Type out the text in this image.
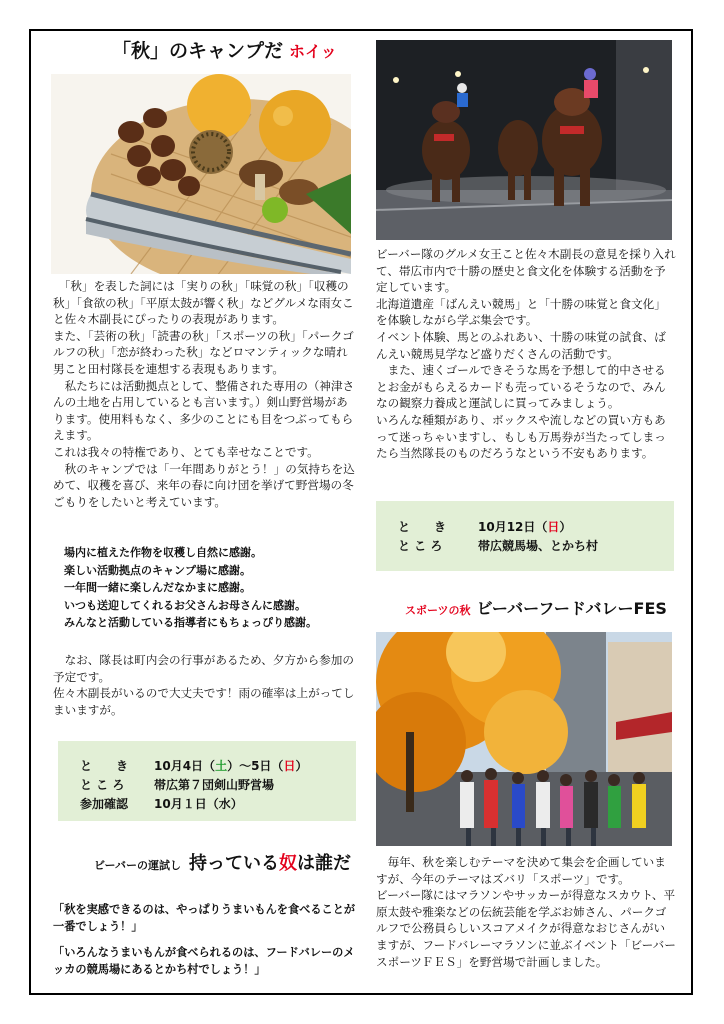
「秋」のキャンプだ ホイッ
　「秋」を表した詞には「実りの秋」「味覚の秋」「収穫の秋」「食欲の秋」「平原太鼓が響く秋」などグルメな雨女こと佐々木副長にぴったりの表現があります。
また、「芸術の秋」「読書の秋」「スポーツの秋」「パークゴルフの秋」「恋が終わった秋」などロマンティックな晴れ男こと田村隊長を連想する表現もあります。
　私たちには活動拠点として、整備された専用の（神津さんの土地を占用しているとも言います。）剣山野営場があります。使用料もなく、多少のことにも目をつぶってもらえます。
これは我々の特権であり、とても幸せなことです。
　秋のキャンプでは「一年間ありがとう！」の気持ちを込めて、収穫を喜び、来年の春に向け団を挙げて野営場の冬ごもりをしたいと考えています。
場内に植えた作物を収穫し自然に感謝。
楽しい活動拠点のキャンプ場に感謝。
一年間一緒に楽しんだなかまに感謝。
いつも送迎してくれるお父さんお母さんに感謝。
みんなと活動している指導者にもちょっぴり感謝。
　なお、隊長は町内会の行事があるため、夕方から参加の予定です。
佐々木副長がいるので大丈夫です！雨の確率は上がってしまいますが。
と　　き	10月4日（土）～5日（日）
と こ ろ	帯広第７団剣山野営場
参加確認	10月１日（水）
ビーバーの運試し 持っている奴は誰だ
「秋を実感できるのは、やっぱりうまいもんを食べることが一番でしょう！」
「いろんなうまいもんが食べられるのは、フードバレーのメッカの競馬場にあるとかち村でしょう！」
ビーバー隊のグルメ女王こと佐々木副長の意見を採り入れて、帯広市内で十勝の歴史と食文化を体験する活動を予定しています。
北海道遺産「ばんえい競馬」と「十勝の味覚と食文化」を体験しながら学ぶ集会です。
イベント体験、馬とのふれあい、十勝の味覚の試食、ばんえい競馬見学など盛りだくさんの活動です。
　また、速くゴールできそうな馬を予想して的中させるとお金がもらえるカードも売っているそうなので、みんなの観察力養成と運試しに買ってみましょう。
いろんな種類があり、ボックスや流しなどの買い方もあって迷っちゃいますし、もしも万馬券が当たってしまったら当然隊長のものだろうなという不安もあります。
と　　き	10月12日（日）
と こ ろ	帯広競馬場、とかち村
スポーツの秋 ビーバーフードバレーFES
　毎年、秋を楽しむテーマを決めて集会を企画していますが、今年のテーマはズバリ「スポーツ」です。
ビーバー隊にはマラソンやサッカーが得意なスカウト、平原太鼓や雅楽などの伝統芸能を学ぶお姉さん、パークゴルフで公務員らしいスコアメイクが得意なおじさんがいますが、フードバレーマラソンに並ぶイベント「ビーバースポーツＦＥＳ」を野営場で計画しました。
